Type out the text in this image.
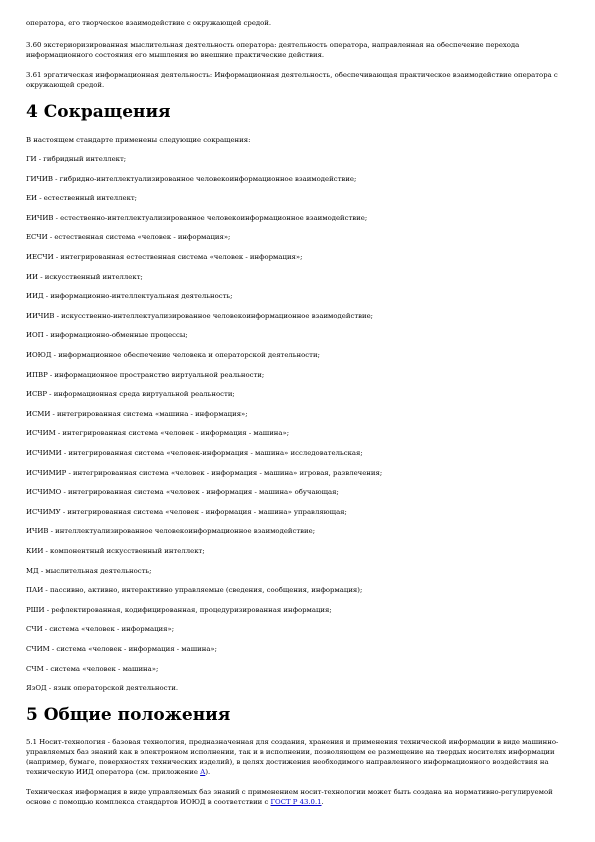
оператора, его творческое взаимодействие с окружающей средой.
3.60 экстериоризированная мыслительная деятельность оператора: деятельность оператора, направленная на обеспечение перехода информационного состояния его мышления во внешние практические действия.
3.61 эргатическая информационная деятельность: Информационная деятельность, обеспечивающая практическое взаимодействие оператора с окружающей средой.
4 Сокращения
В настоящем стандарте применены следующие сокращения:
ГИ - гибридный интеллект;
ГИЧИВ - гибридно-интеллектуализированное человекоинформационное взаимодействие;
ЕИ - естественный интеллект;
ЕИЧИВ - естественно-интеллектуализированное человекоинформационное взаимодействие;
ЕСЧИ - естественная система «человек - информация»;
ИЕСЧИ - интегрированная естественная система «человек - информация»;
ИИ - искусственный интеллект;
ИИД - информационно-интеллектуальная деятельность;
ИИЧИВ - искусственно-интеллектуализированное человекоинформационное взаимодействие;
ИОП - информационно-обменные процессы;
ИОЮД - информационное обеспечение человека и операторской деятельности;
ИПВР - информационное пространство виртуальной реальности;
ИСВР - информационная среда виртуальной реальности;
ИСМИ - интегрированная система «машина - информация»;
ИСЧИМ - интегрированная система «человек - информация - машина»;
ИСЧИМИ - интегрированная система «человек-информация - машина» исследовательская;
ИСЧИМИР - интегрированная система «человек - информация - машина» игровая, развлечения;
ИСЧИМО - интегрированная система «человек - информация - машина» обучающая;
ИСЧИМУ - интегрированная система «человек - информация - машина» управляющая;
ИЧИВ - интеллектуализированное человекоинформационное взаимодействие;
КИИ - компонентный искусственный интеллект;
МД - мыслительная деятельность;
ПАИ - пассивно, активно, интерактивно управляемые (сведения, сообщения, информация);
РШИ - рефлектированная, кодифицированная, процедуризированная информация;
СЧИ - система «человек - информация»;
СЧИМ - система «человек - информация - машина»;
СЧМ - система «человек - машина»;
ЯзОД - язык операторской деятельности.
5 Общие положения
5.1 Носит-технология - базовая технология, предназначенная для создания, хранения и применения технической информации в виде машинно-управляемых баз знаний как в электронном исполнении, так и в исполнении, позволяющем ее размещение на твердых носителях информации (например, бумаге, поверхностях технических изделий), в целях достижения необходимого направленного информационного воздействия на техническую ИИД оператора (см. приложение А).
Техническая информация в виде управляемых баз знаний с применением носит-технологии может быть создана на нормативно-регулируемой основе с помощью комплекса стандартов ИОЮД в соответствии с ГОСТ Р 43.0.1.
